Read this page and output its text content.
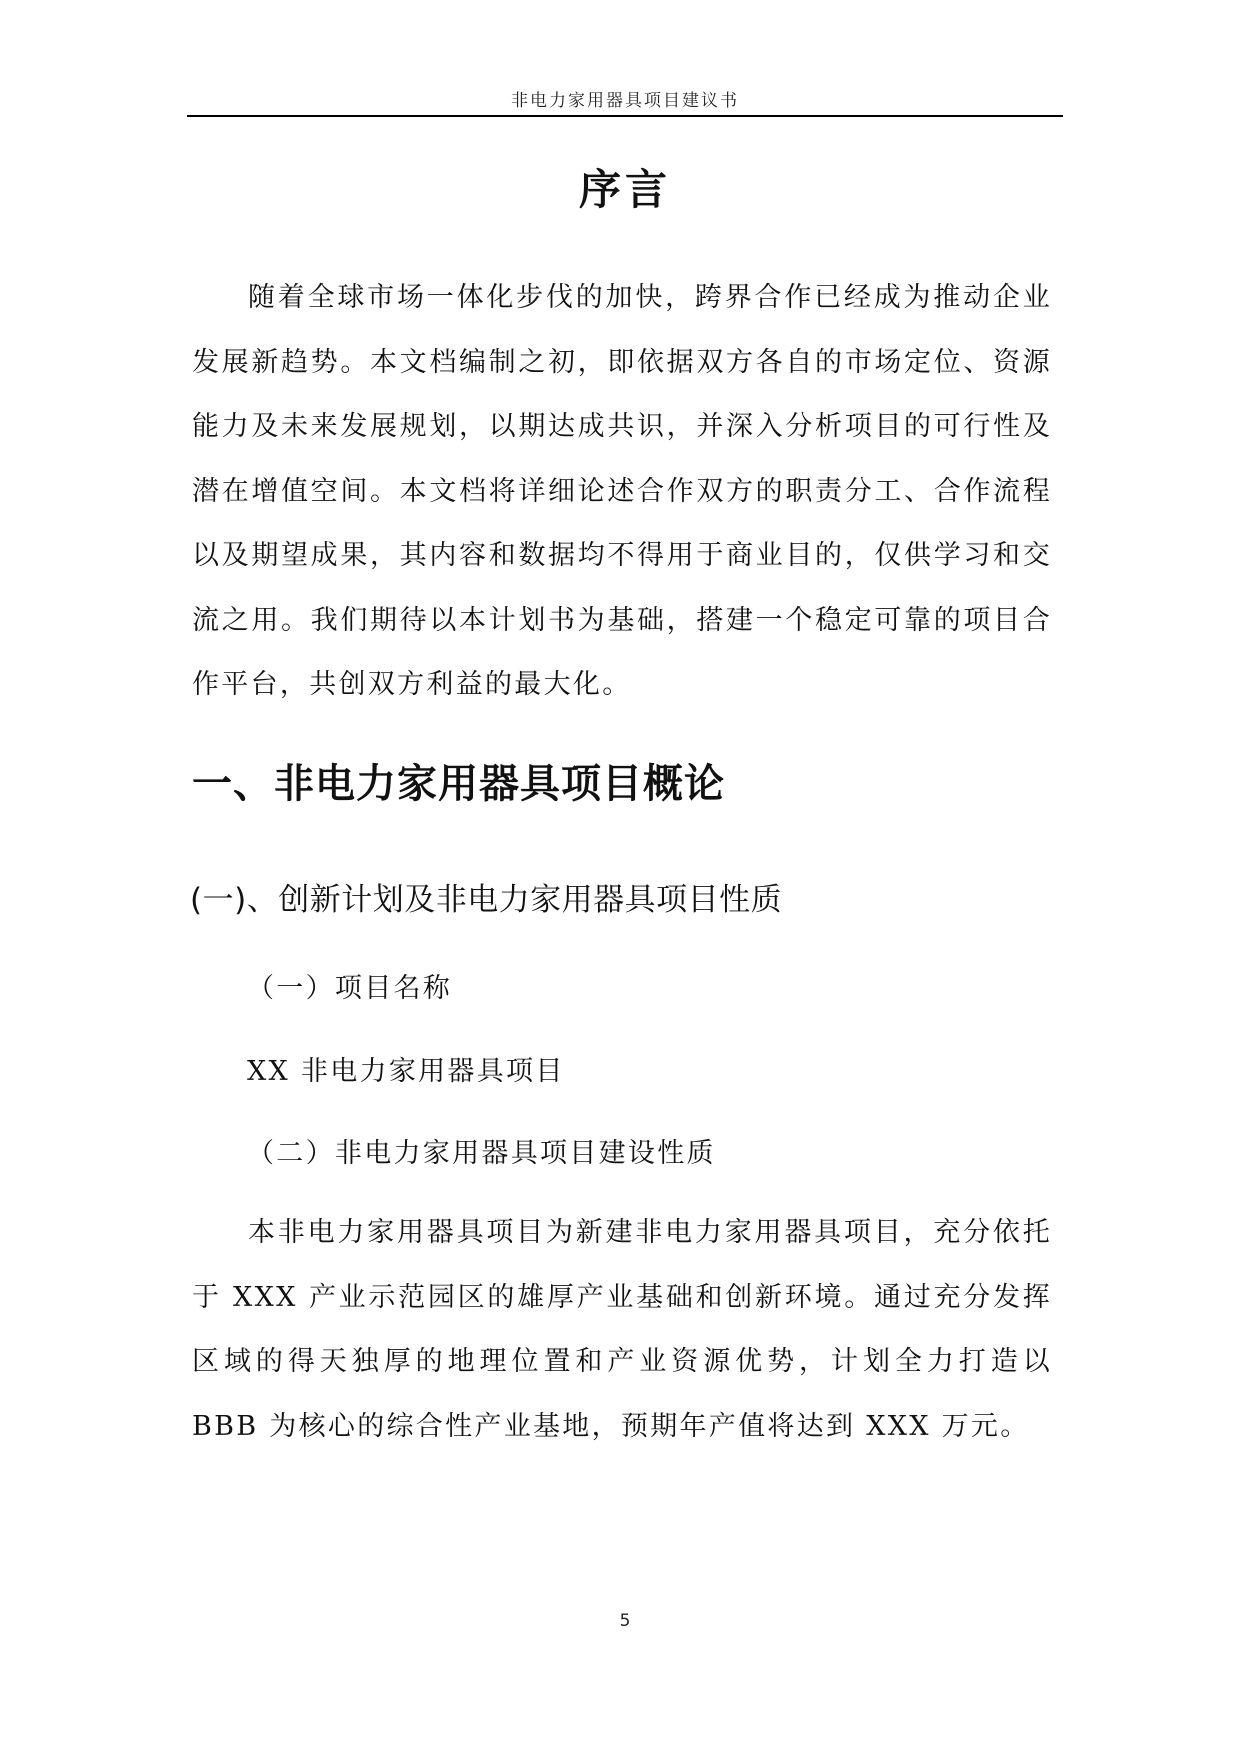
非电力家用器具项目建议书
序言

随着全球市场一体化步伐的加快，跨界合作已经成为推动企业发展新趋势。本文档编制之初，即依据双方各自的市场定位、资源能力及未来发展规划，以期达成共识，并深入分析项目的可行性及潜在增值空间。本文档将详细论述合作双方的职责分工、合作流程以及期望成果，其内容和数据均不得用于商业目的，仅供学习和交流之用。我们期待以本计划书为基础，搭建一个稳定可靠的项目合作平台，共创双方利益的最大化。

一、非电力家用器具项目概论
(一)、创新计划及非电力家用器具项目性质
（一）项目名称
XX 非电力家用器具项目
（二）非电力家用器具项目建设性质

本非电力家用器具项目为新建非电力家用器具项目，充分依托于 XXX 产业示范园区的雄厚产业基础和创新环境。通过充分发挥区域的得天独厚的地理位置和产业资源优势，计划全力打造以 BBB 为核心的综合性产业基地，预期年产值将达到 XXX 万元。

5
